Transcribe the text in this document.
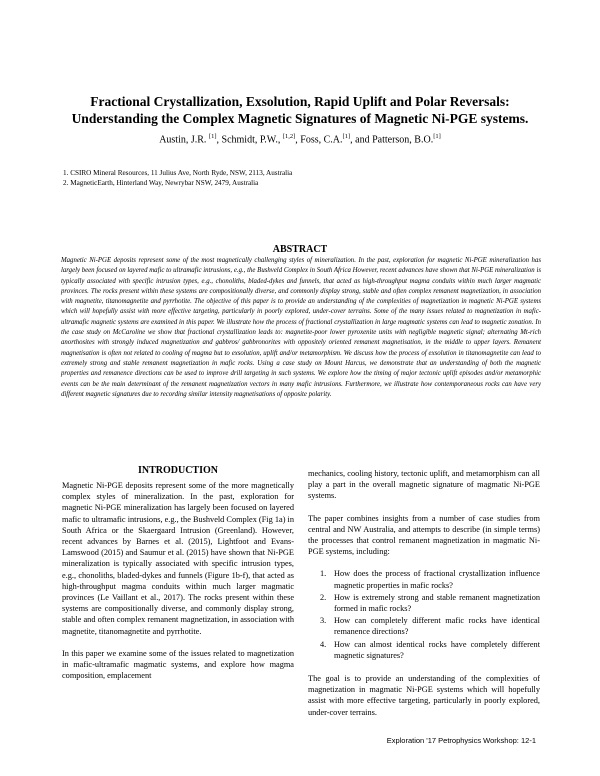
Fractional Crystallization, Exsolution, Rapid Uplift and Polar Reversals:
Understanding the Complex Magnetic Signatures of Magnetic Ni-PGE systems.
Austin, J.R. [1], Schmidt, P.W., [1,2], Foss, C.A.[1], and Patterson, B.O.[1]
1. CSIRO Mineral Resources, 11 Julius Ave, North Ryde, NSW, 2113, Australia
2. MagneticEarth, Hinterland Way, Newrybar NSW, 2479, Australia
ABSTRACT
Magnetic Ni-PGE deposits represent some of the most magnetically challenging styles of mineralization. In the past, exploration for magnetic Ni-PGE mineralization has largely been focused on layered mafic to ultramafic intrusions, e.g., the Bushveld Complex in South Africa However, recent advances have shown that Ni-PGE mineralization is typically associated with specific intrusion types, e.g., chonoliths, bladed-dykes and funnels, that acted as high-throughput magma conduits within much larger magmatic provinces. The rocks present within these systems are compositionally diverse, and commonly display strong, stable and often complex remanent magnetization, in association with magnetite, titanomagnetite and pyrrhotite. The objective of this paper is to provide an understanding of the complexities of magnetization in magnetic Ni-PGE systems which will hopefully assist with more effective targeting, particularly in poorly explored, under-cover terrains. Some of the many issues related to magnetization in mafic-ultramafic magnetic systems are examined in this paper. We illustrate how the process of fractional crystallization in large magmatic systems can lead to magnetic zonation. In the case study on McCaroline we show that fractional crystallization leads to: magnetite-poor lower pyroxenite units with negligible magnetic signal; alternating Mt-rich anorthosites with strongly induced magnetization and gabbros/ gabbronorites with oppositely oriented remanent magnetisation, in the middle to upper layers. Remanent magnetisation is often not related to cooling of magma but to exsolution, uplift and/or metamorphism. We discuss how the process of exsolution in titanomagnetite can lead to extremely strong and stable remanent magnetization in mafic rocks. Using a case study on Mount Harcus, we demonstrate that an understanding of both the magnetic properties and remanence directions can be used to improve drill targeting in such systems. We explore how the timing of major tectonic uplift episodes and/or metamorphic events can be the main determinant of the remanent magnetization vectors in many mafic intrusions. Furthermore, we illustrate how contemporaneous rocks can have very different magnetic signatures due to recording similar intensity magnetisations of opposite polarity.
INTRODUCTION

Magnetic Ni-PGE deposits represent some of the more magnetically complex styles of mineralization. In the past, exploration for magnetic Ni-PGE mineralization has largely been focused on layered mafic to ultramafic intrusions, e.g., the Bushveld Complex (Fig 1a) in South Africa or the Skaergaard Intrusion (Greenland). However, recent advances by Barnes et al. (2015), Lightfoot and Evans-Lamswood (2015) and Saumur et al. (2015) have shown that Ni-PGE mineralization is typically associated with specific intrusion types, e.g., chonoliths, bladed-dykes and funnels (Figure 1b-f), that acted as high-throughput magma conduits within much larger magmatic provinces (Le Vaillant et al., 2017). The rocks present within these systems are compositionally diverse, and commonly display strong, stable and often complex remanent magnetization, in association with magnetite, titanomagnetite and pyrrhotite.

In this paper we examine some of the issues related to magnetization in mafic-ultramafic magmatic systems, and explore how magma composition, emplacement

mechanics, cooling history, tectonic uplift, and metamorphism can all play a part in the overall magnetic signature of magmatic Ni-PGE systems.

The paper combines insights from a number of case studies from central and NW Australia, and attempts to describe (in simple terms) the processes that control remanent magnetization in magmatic Ni-PGE systems, including:

1. How does the process of fractional crystallization influence magnetic properties in mafic rocks?
2. How is extremely strong and stable remanent magnetization formed in mafic rocks?
3. How can completely different mafic rocks have identical remanence directions?
4. How can almost identical rocks have completely different magnetic signatures?

The goal is to provide an understanding of the complexities of magnetization in magmatic Ni-PGE systems which will hopefully assist with more effective targeting, particularly in poorly explored, under-cover terrains.

Exploration '17 Petrophysics Workshop: 12-1
